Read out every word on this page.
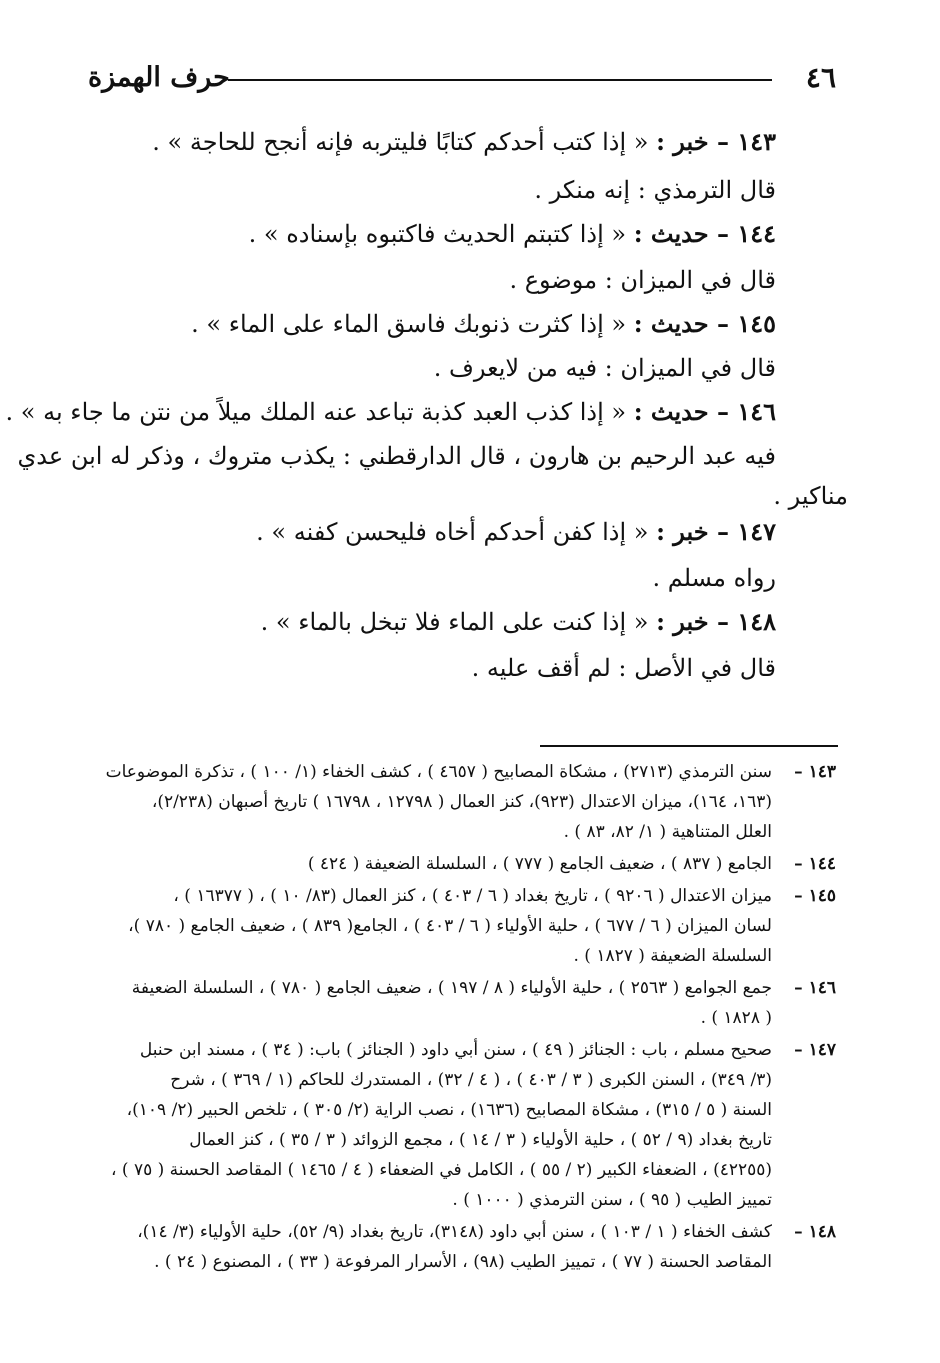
٤٦
حرف الهمزة
١٤٣ – خبر : « إذا كتب أحدكم كتابًا فليتربه فإنه أنجح للحاجة » .
قال الترمذي : إنه منكر .
١٤٤ – حديث : « إذا كتبتم الحديث فاكتبوه بإسناده » .
قال في الميزان : موضوع .
١٤٥ – حديث : « إذا كثرت ذنوبك فاسق الماء على الماء » .
قال في الميزان : فيه من لايعرف .
١٤٦ – حديث : « إذا كذب العبد كذبة تباعد عنه الملك ميلاً من نتن ما جاء به » .
فيه عبد الرحيم بن هارون ، قال الدارقطني : يكذب متروك ، وذكر له ابن عدي
مناكير .
١٤٧ – خبر : « إذا كفن أحدكم أخاه فليحسن كفنه » .
رواه مسلم .
١٤٨ – خبر : « إذا كنت على الماء فلا تبخل بالماء » .
قال في الأصل : لم أقف عليه .
١٤٣ –
سنن الترمذي (٢٧١٣) ، مشكاة المصابيح ( ٤٦٥٧ ) ، كشف الخفاء (١/ ١٠٠ ) ، تذكرة الموضوعات
(١٦٣، ١٦٤)، ميزان الاعتدال (٩٢٣)، كنز العمال ( ١٢٧٩٨ ، ١٦٧٩٨ ) تاريخ أصبهان (٢/٢٣٨)،
العلل المتناهية ( ١/ ٨٢، ٨٣ ) .
١٤٤ –
الجامع ( ٨٣٧ ) ، ضعيف الجامع ( ٧٧٧ ) ، السلسلة الضعيفة ( ٤٢٤ )
١٤٥ –
ميزان الاعتدال ( ٩٢٠٦ ) ، تاريخ بغداد ( ٦ / ٤٠٣ ) ، كنز العمال (٨٣/ ١٠ ) ، ( ١٦٣٧٧ ) ،
لسان الميزان ( ٦ / ٦٧٧ ) ، حلية الأولياء ( ٦ / ٤٠٣ ) ، الجامع( ٨٣٩ ) ، ضعيف الجامع ( ٧٨٠ )،
السلسلة الضعيفة ( ١٨٢٧ ) .
١٤٦ –
جمع الجوامع ( ٢٥٦٣ ) ، حلية الأولياء ( ٨ / ١٩٧ ) ، ضعيف الجامع ( ٧٨٠ ) ، السلسلة الضعيفة
( ١٨٢٨ ) .
١٤٧ –
صحيح مسلم ، باب : الجنائز ( ٤٩ ) ، سنن أبي داود ( الجنائز ) باب: ( ٣٤ ) ، مسند ابن حنبل
(٣/ ٣٤٩) ، السنن الكبرى ( ٣ / ٤٠٣ ) ، ( ٤ / ٣٢) ، المستدرك للحاكم (١ / ٣٦٩ ) ، شرح
السنة ( ٥ / ٣١٥) ، مشكاة المصابيح (١٦٣٦) ، نصب الراية (٢/ ٣٠٥ ) ، تلخص الحبير (٢/ ١٠٩)،
تاريخ بغداد (٩ / ٥٢ ) ، حلية الأولياء ( ٣ / ١٤ ) ، مجمع الزوائد ( ٣ / ٣٥ ) ، كنز العمال
(٤٢٢٥٥) ، الضعفاء الكبير (٢ / ٥٥ ) ، الكامل في الضعفاء ( ٤ / ١٤٦٥ ) المقاصد الحسنة ( ٧٥ ) ،
تمييز الطيب ( ٩٥ ) ، سنن الترمذي ( ١٠٠٠ ) .
١٤٨ –
كشف الخفاء ( ١ / ١٠٣ ) ، سنن أبي داود (٣١٤٨)، تاريخ بغداد (٩/ ٥٢)، حلية الأولياء (٣/ ١٤)،
المقاصد الحسنة ( ٧٧ ) ، تمييز الطيب (٩٨) ، الأسرار المرفوعة ( ٣٣ ) ، المصنوع ( ٢٤ ) .
